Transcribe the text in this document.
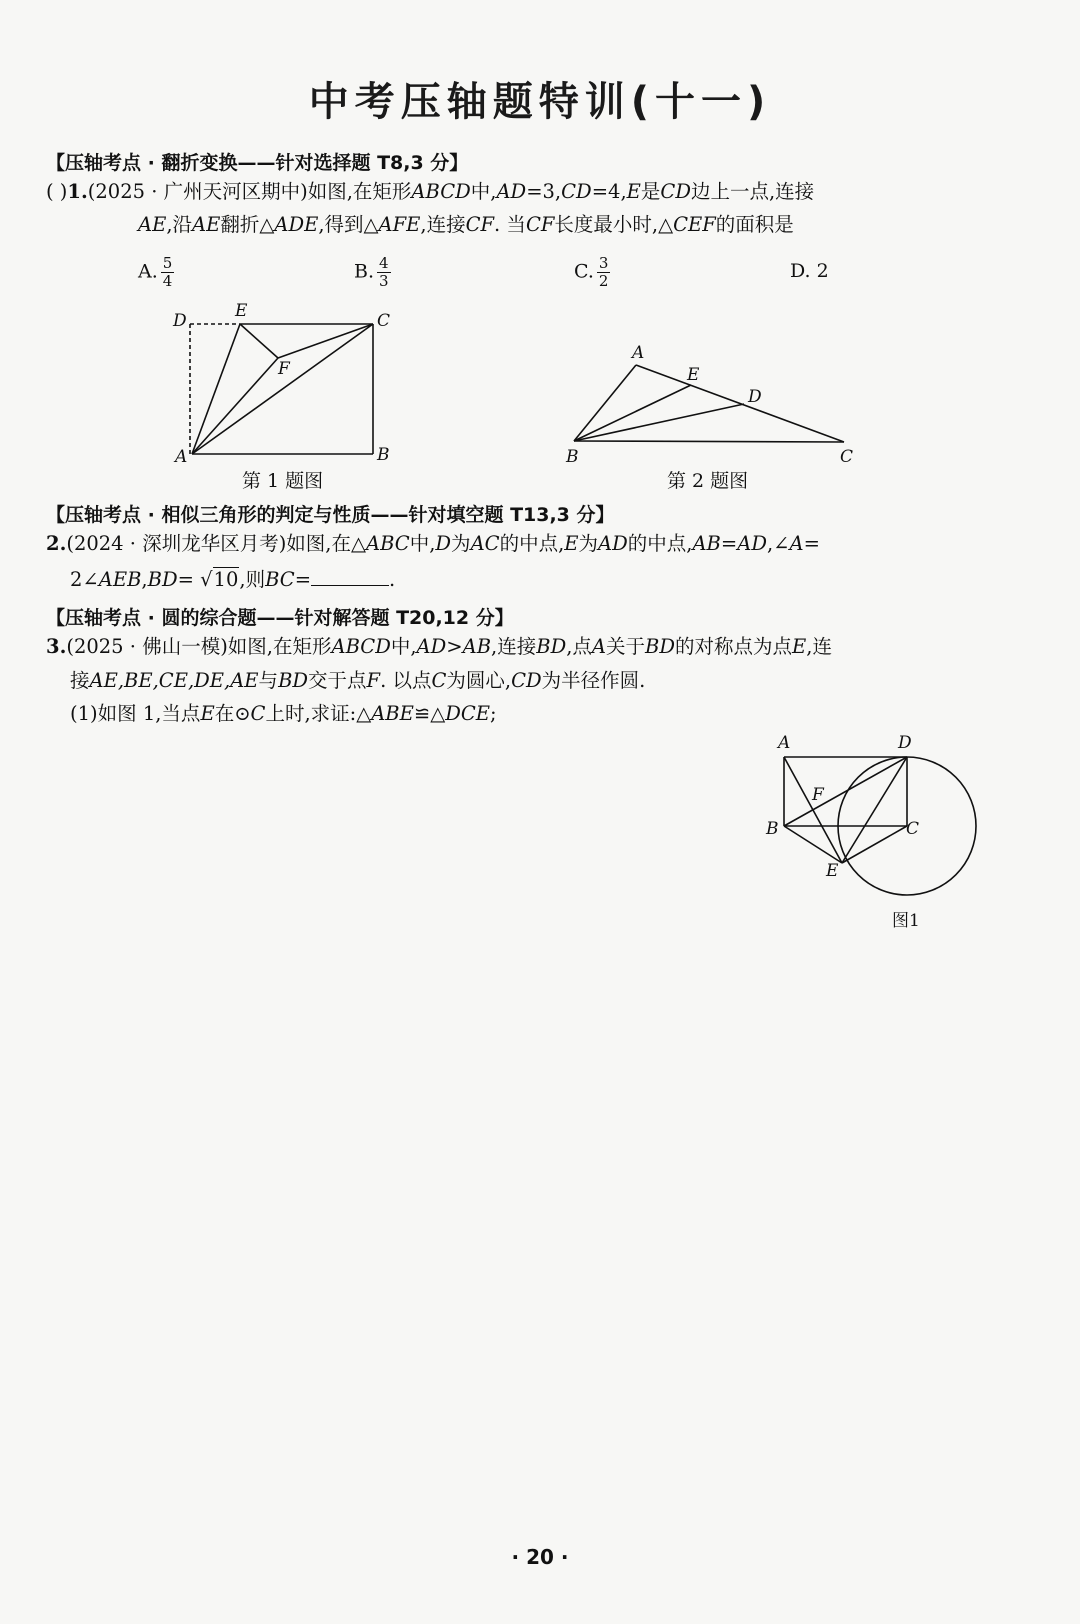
中考压轴题特训(十一)
【压轴考点 · 翻折变换——针对选择题 T8,3 分】
( )1.(2025 · 广州天河区期中)如图,在矩形ABCD中,AD=3,CD=4,E是CD边上一点,连接
AE,沿AE翻折△ADE,得到△AFE,连接CF. 当CF长度最小时,△CEF的面积是
A. $\frac{5}{4}$	B. $\frac{4}{3}$	C. $\frac{3}{2}$	D. 2
D	E	C
F
A	B
第 1 题图
A
E
D
B	C
第 2 题图
【压轴考点 · 相似三角形的判定与性质——针对填空题 T13,3 分】
2.(2024 · 深圳龙华区月考)如图,在△ABC中,D为AC的中点,E为AD的中点,AB=AD,∠A=
2∠AEB,BD= √10,则BC=	.
【压轴考点 · 圆的综合题——针对解答题 T20,12 分】
3.(2025 · 佛山一模)如图,在矩形ABCD中,AD>AB,连接BD,点A关于BD的对称点为点E,连
接AE,BE,CE,DE,AE与BD交于点F. 以点C为圆心,CD为半径作圆.
(1)如图 1,当点E在⊙C上时,求证:△ABE≌△DCE;
A	D
F
B	C
E
图1
· 20 ·
